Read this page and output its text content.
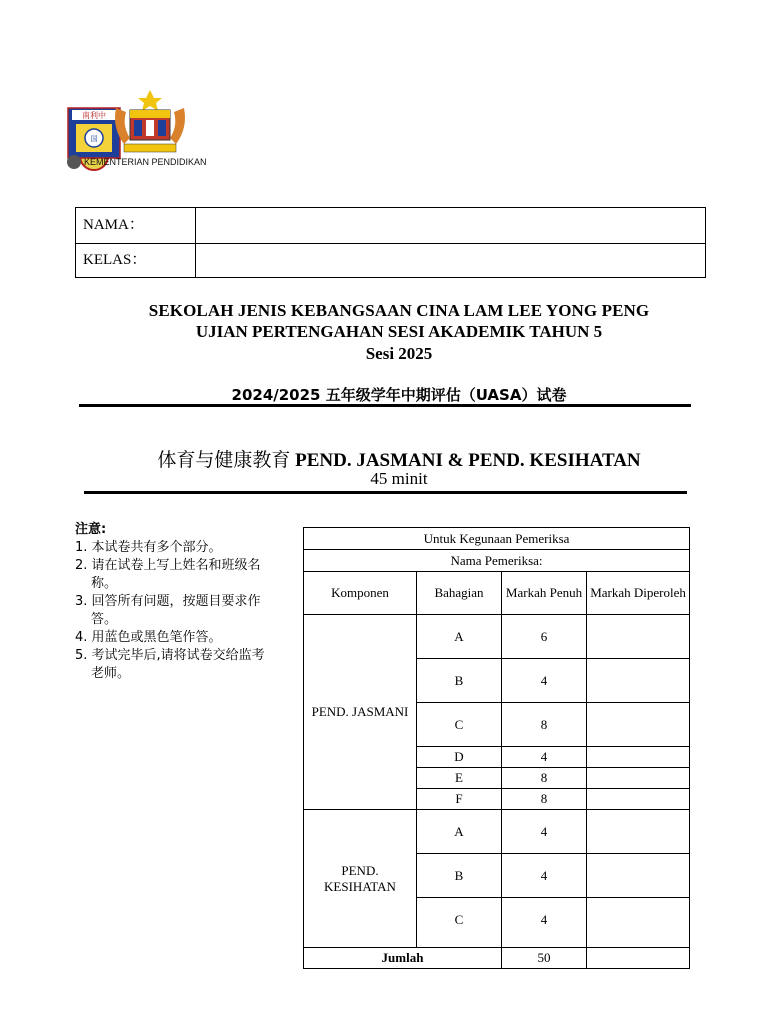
南利中
国
KEMENTERIAN PENDIDIKAN
NAMA：
KELAS：
SEKOLAH JENIS KEBANGSAAN CINA LAM LEE YONG PENG
UJIAN PERTENGAHAN SESI AKADEMIK TAHUN 5
Sesi 2025
2024/2025 五年级学年中期评估（UASA）试卷
体育与健康教育 PEND. JASMANI & PEND. KESIHATAN
45 minit
注意:
1. 本试卷共有多个部分。
2. 请在试卷上写上姓名和班级名称。
3. 回答所有问题，按题目要求作答。
4. 用蓝色或黑色笔作答。
5. 考试完毕后,请将试卷交给监考老师。
Untuk Kegunaan Pemeriksa			
Nama Pemeriksa:			
Komponen	Bahagian	Markah Penuh	Markah Diperoleh
PEND. JASMANI	A	6	
	B	4	
	C	8	
	D	4	
	E	8	
	F	8	
PEND. KESIHATAN	A	4	
	B	4	
	C	4	
Jumlah		50	
